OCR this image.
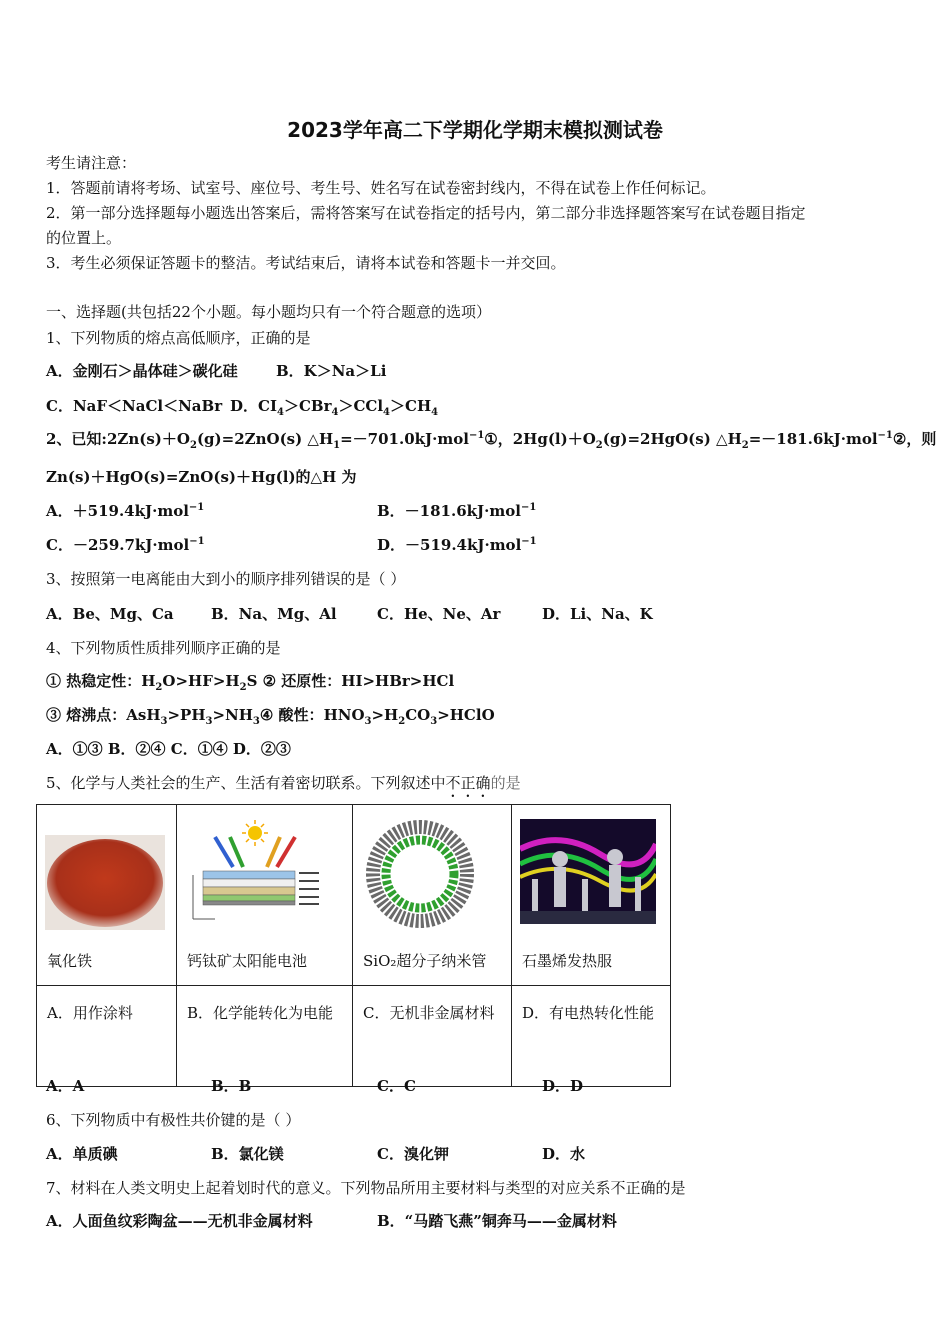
2023学年高二下学期化学期末模拟测试卷
考生请注意：
1．答题前请将考场、试室号、座位号、考生号、姓名写在试卷密封线内，不得在试卷上作任何标记。
2．第一部分选择题每小题选出答案后，需将答案写在试卷指定的括号内，第二部分非选择题答案写在试卷题目指定
的位置上。
3．考生必须保证答题卡的整洁。考试结束后，请将本试卷和答题卡一并交回。
一、选择题(共包括22个小题。每小题均只有一个符合题意的选项）
1、下列物质的熔点高低顺序，正确的是
A．金刚石＞晶体硅＞碳化硅	B．K＞Na＞Li
C．NaF＜NaCl＜NaBr D．$CI_4>CBr_4>CCl_4>CH_4$
2、已知$:2Zn(s)+O_2(g)=2ZnO(s)$ $\triangle H_1=-701.0kJ\cdot mol^{-1}①$，$2Hg(l)+O_2(g)=2HgO(s)$ $\triangle H_2=-181.6kJ\cdot mol^{-1}②$，则
Zn(s)＋HgO(s)=ZnO(s)＋Hg(l)的△H 为
A．＋519.4kJ·mol$^{-1}$	B．－181.6kJ·mol$^{-1}$
C．－259.7kJ·mol$^{-1}$	D．－519.4kJ·mol$^{-1}$
3、按照第一电离能由大到小的顺序排列错误的是（ ）
A．Be、Mg、Ca B．Na、Mg、Al	C．He、Ne、Ar	D．Li、Na、K
4、下列物质性质排列顺序正确的是
① 热稳定性：$H_2O>HF>H_2S$ ② 还原性：HI>HBr>HCl
③ 熔沸点：$AsH_3>PH_3>NH_3④$ 酸性：$HNO_3>H_2CO_3>HClO$
A．①③ B．②④ C．①④ D．②③
5、化学与人类社会的生产、生活有着密切联系。下列叙述中不正确的是
氧化铁	钙钛矿太阳能电池	SiO₂超分子纳米管	石墨烯发热服

A．用作涂料	B．化学能转化为电能	C．无机非金属材料	D．有电热转化性能
A．A	B．B	C．C	D．D
6、下列物质中有极性共价键的是（ ）
A．单质碘	B．氯化镁	C．溴化钾	D．水
7、材料在人类文明史上起着划时代的意义。下列物品所用主要材料与类型的对应关系不正确的是
A．人面鱼纹彩陶盆——无机非金属材料	B．“马踏飞燕”铜奔马——金属材料
